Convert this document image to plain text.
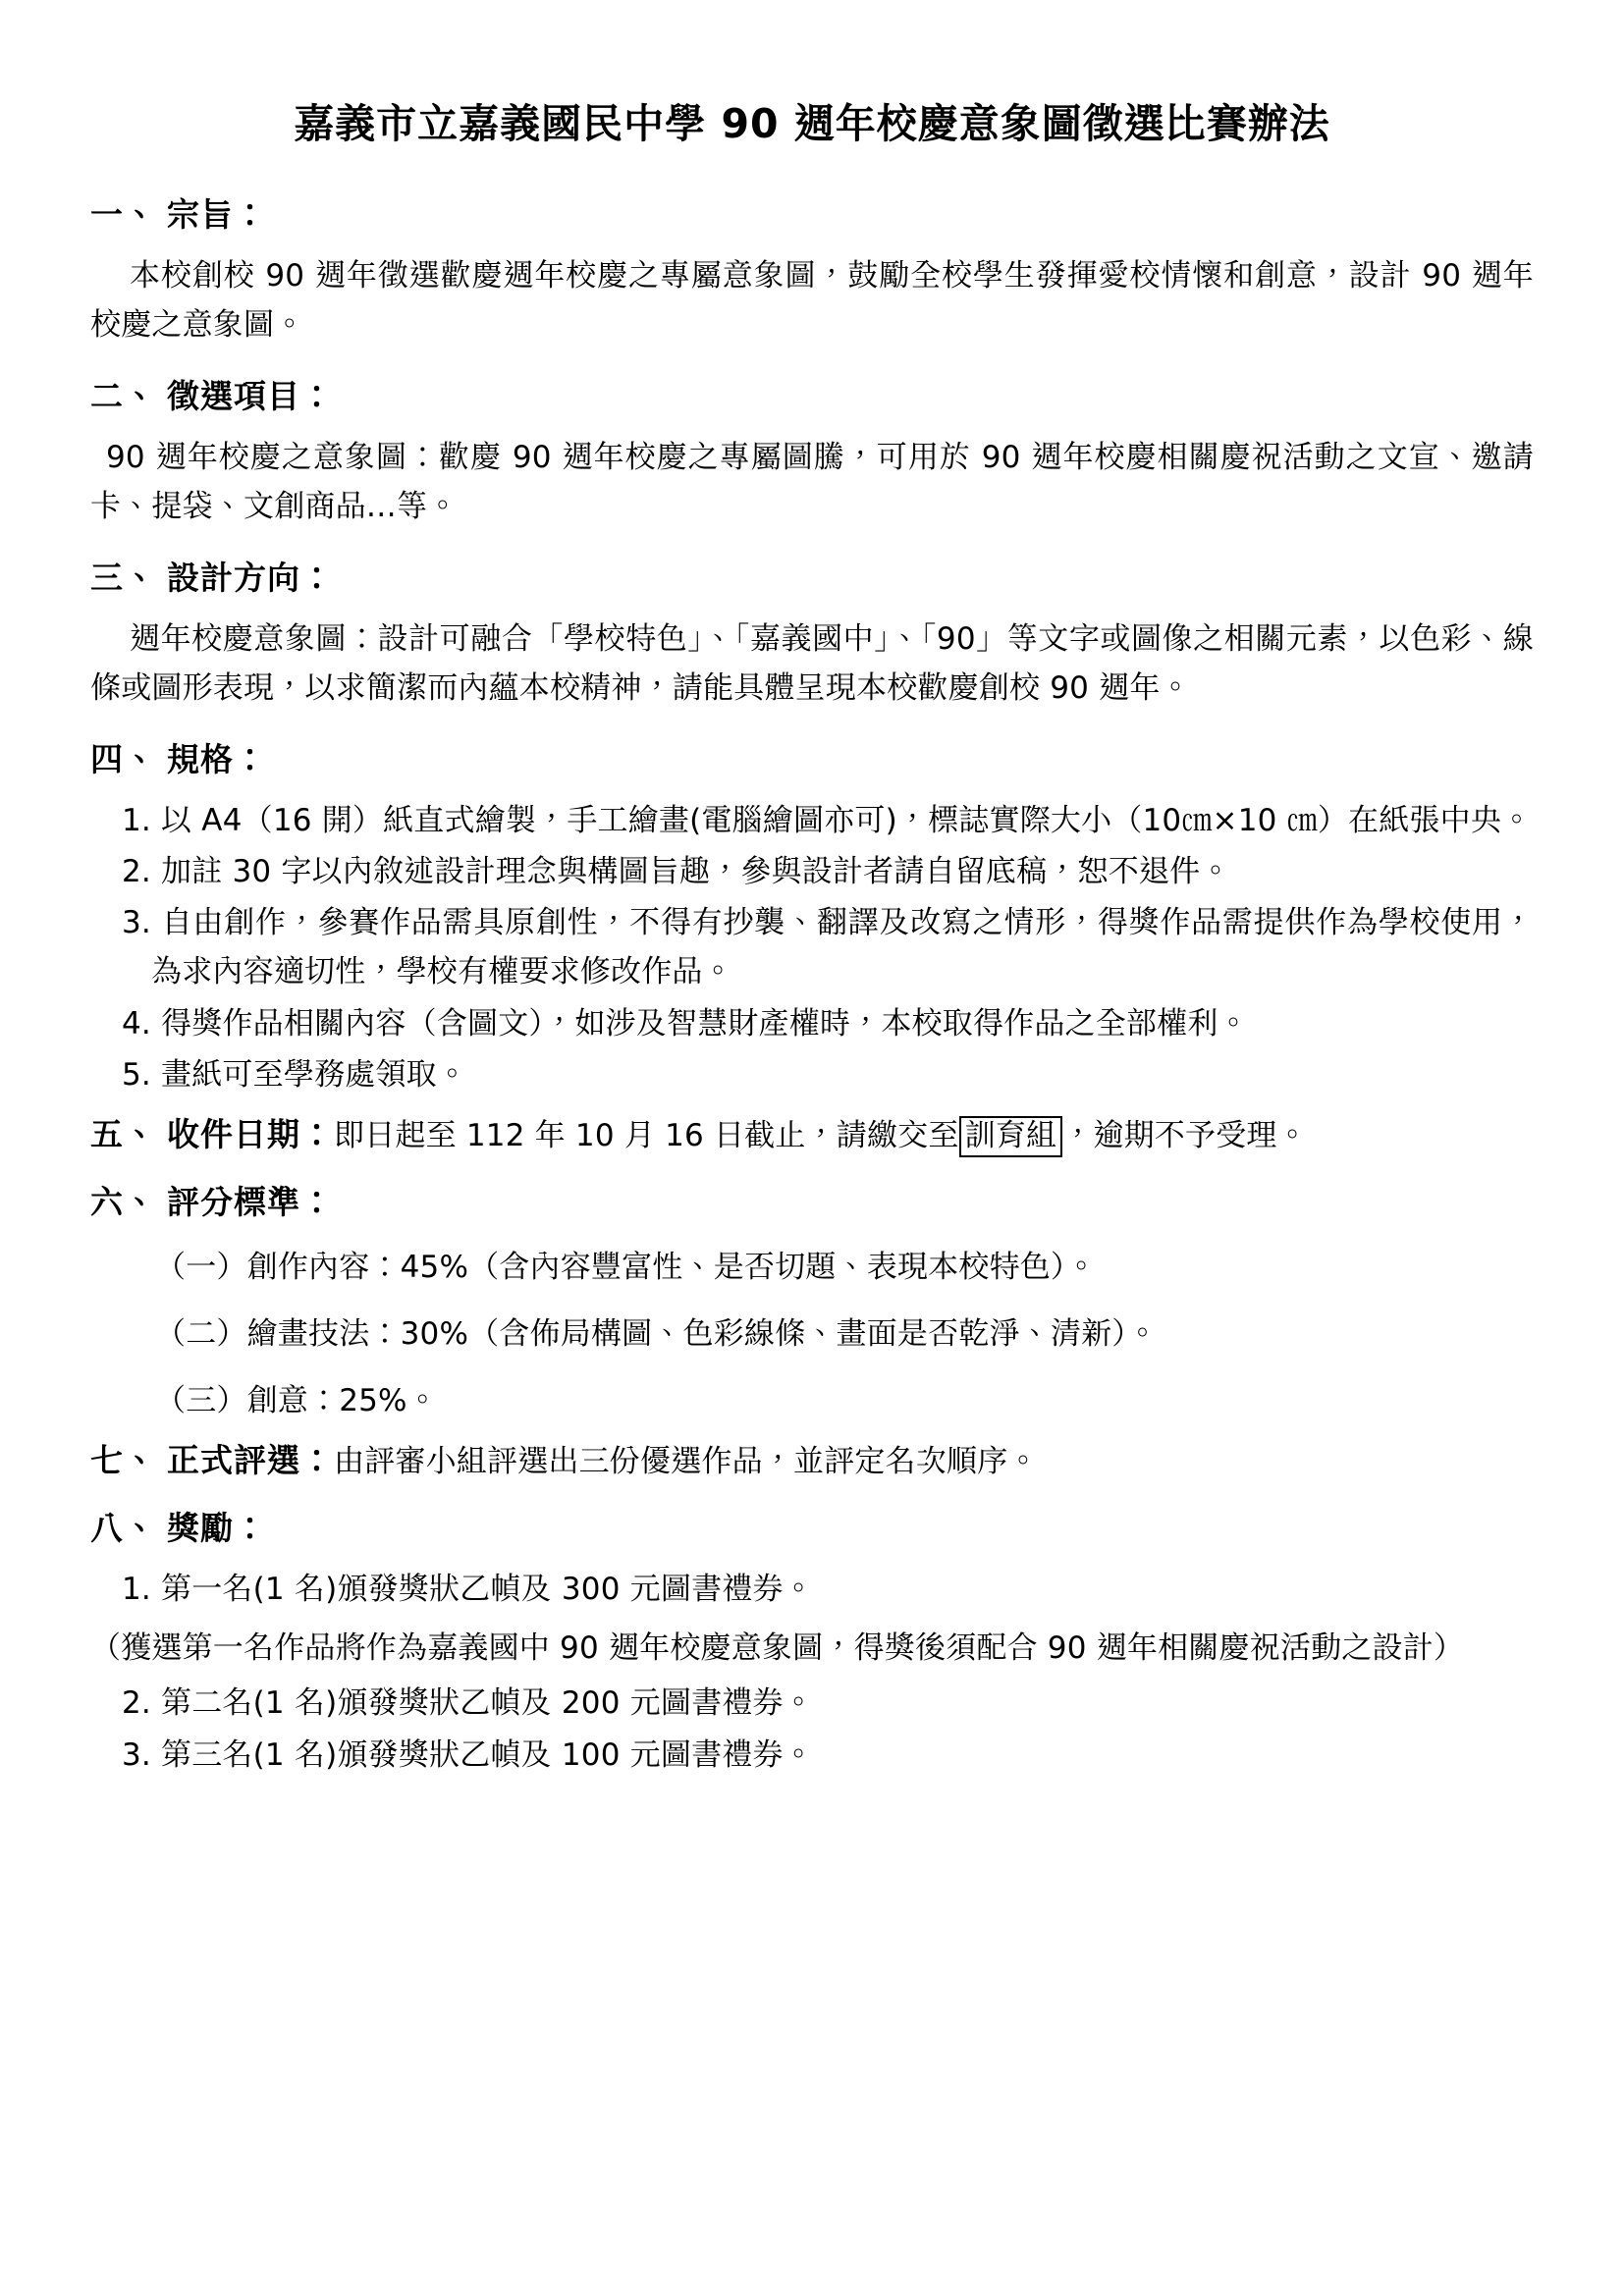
嘉義市立嘉義國民中學 90 週年校慶意象圖徵選比賽辦法
一、 宗旨：

本校創校 90 週年徵選歡慶週年校慶之專屬意象圖，鼓勵全校學生發揮愛校情懷和創意，設計 90 週年校慶之意象圖。

二、 徵選項目：

90 週年校慶之意象圖：歡慶 90 週年校慶之專屬圖騰，可用於 90 週年校慶相關慶祝活動之文宣、邀請卡、提袋、文創商品…等。

三、 設計方向：

週年校慶意象圖：設計可融合「學校特色」、「嘉義國中」、「90」等文字或圖像之相關元素，以色彩、線條或圖形表現，以求簡潔而內蘊本校精神，請能具體呈現本校歡慶創校 90 週年。

四、 規格：
1. 以 A4（16 開）紙直式繪製，手工繪畫(電腦繪圖亦可)，標誌實際大小（10㎝×10 ㎝）在紙張中央。
2. 加註 30 字以內敘述設計理念與構圖旨趣，參與設計者請自留底稿，恕不退件。
3. 自由創作，參賽作品需具原創性，不得有抄襲、翻譯及改寫之情形，得獎作品需提供作為學校使用，為求內容適切性，學校有權要求修改作品。
4. 得獎作品相關內容（含圖文），如涉及智慧財產權時，本校取得作品之全部權利。
5. 畫紙可至學務處領取。
五、 收件日期：即日起至 112 年 10 月 16 日截止，請繳交至 訓育組 ，逾期不予受理。
六、 評分標準：

（一）創作內容：45%（含內容豐富性、是否切題、表現本校特色）。

（二）繪畫技法：30%（含佈局構圖、色彩線條、畫面是否乾淨、清新）。

（三）創意：25%。

七、 正式評選：由評審小組評選出三份優選作品，並評定名次順序。
八、 獎勵：
1. 第一名(1 名)頒發獎狀乙幀及 300 元圖書禮券。

（獲選第一名作品將作為嘉義國中 90 週年校慶意象圖，得獎後須配合 90 週年相關慶祝活動之設計）

2. 第二名(1 名)頒發獎狀乙幀及 200 元圖書禮券。
3. 第三名(1 名)頒發獎狀乙幀及 100 元圖書禮券。
